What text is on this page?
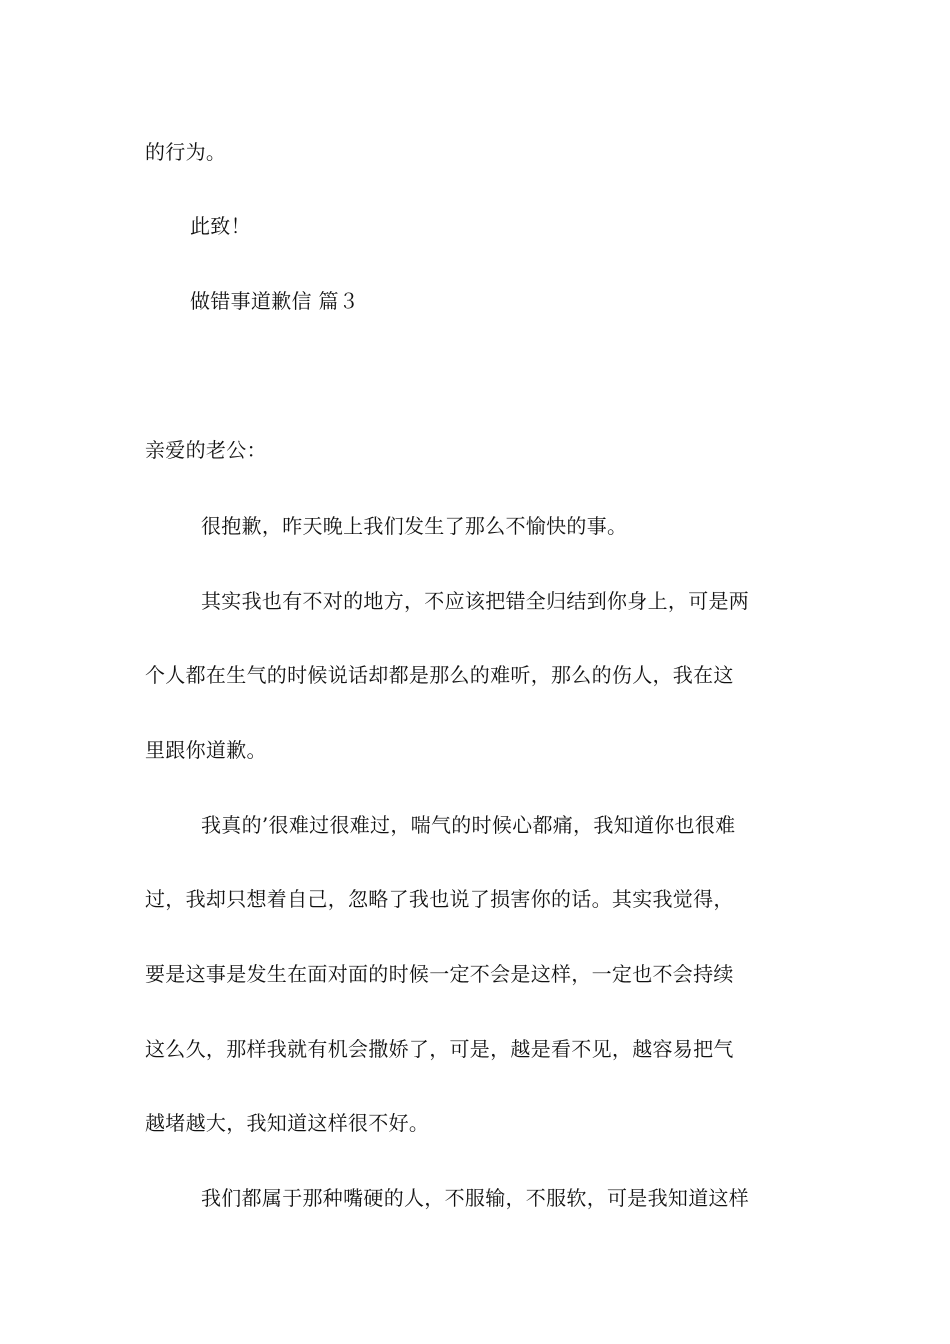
的行为。

此致！

做错事道歉信 篇３

亲爱的老公：

很抱歉，昨天晚上我们发生了那么不愉快的事。

其实我也有不对的地方，不应该把错全归结到你身上，可是两

个人都在生气的时候说话却都是那么的难听，那么的伤人，我在这

里跟你道歉。

我真的’很难过很难过，喘气的时候心都痛，我知道你也很难

过，我却只想着自己，忽略了我也说了损害你的话。其实我觉得，

要是这事是发生在面对面的时候一定不会是这样，一定也不会持续

这么久，那样我就有机会撒娇了，可是，越是看不见，越容易把气

越堵越大，我知道这样很不好。

我们都属于那种嘴硬的人，不服输，不服软，可是我知道这样
